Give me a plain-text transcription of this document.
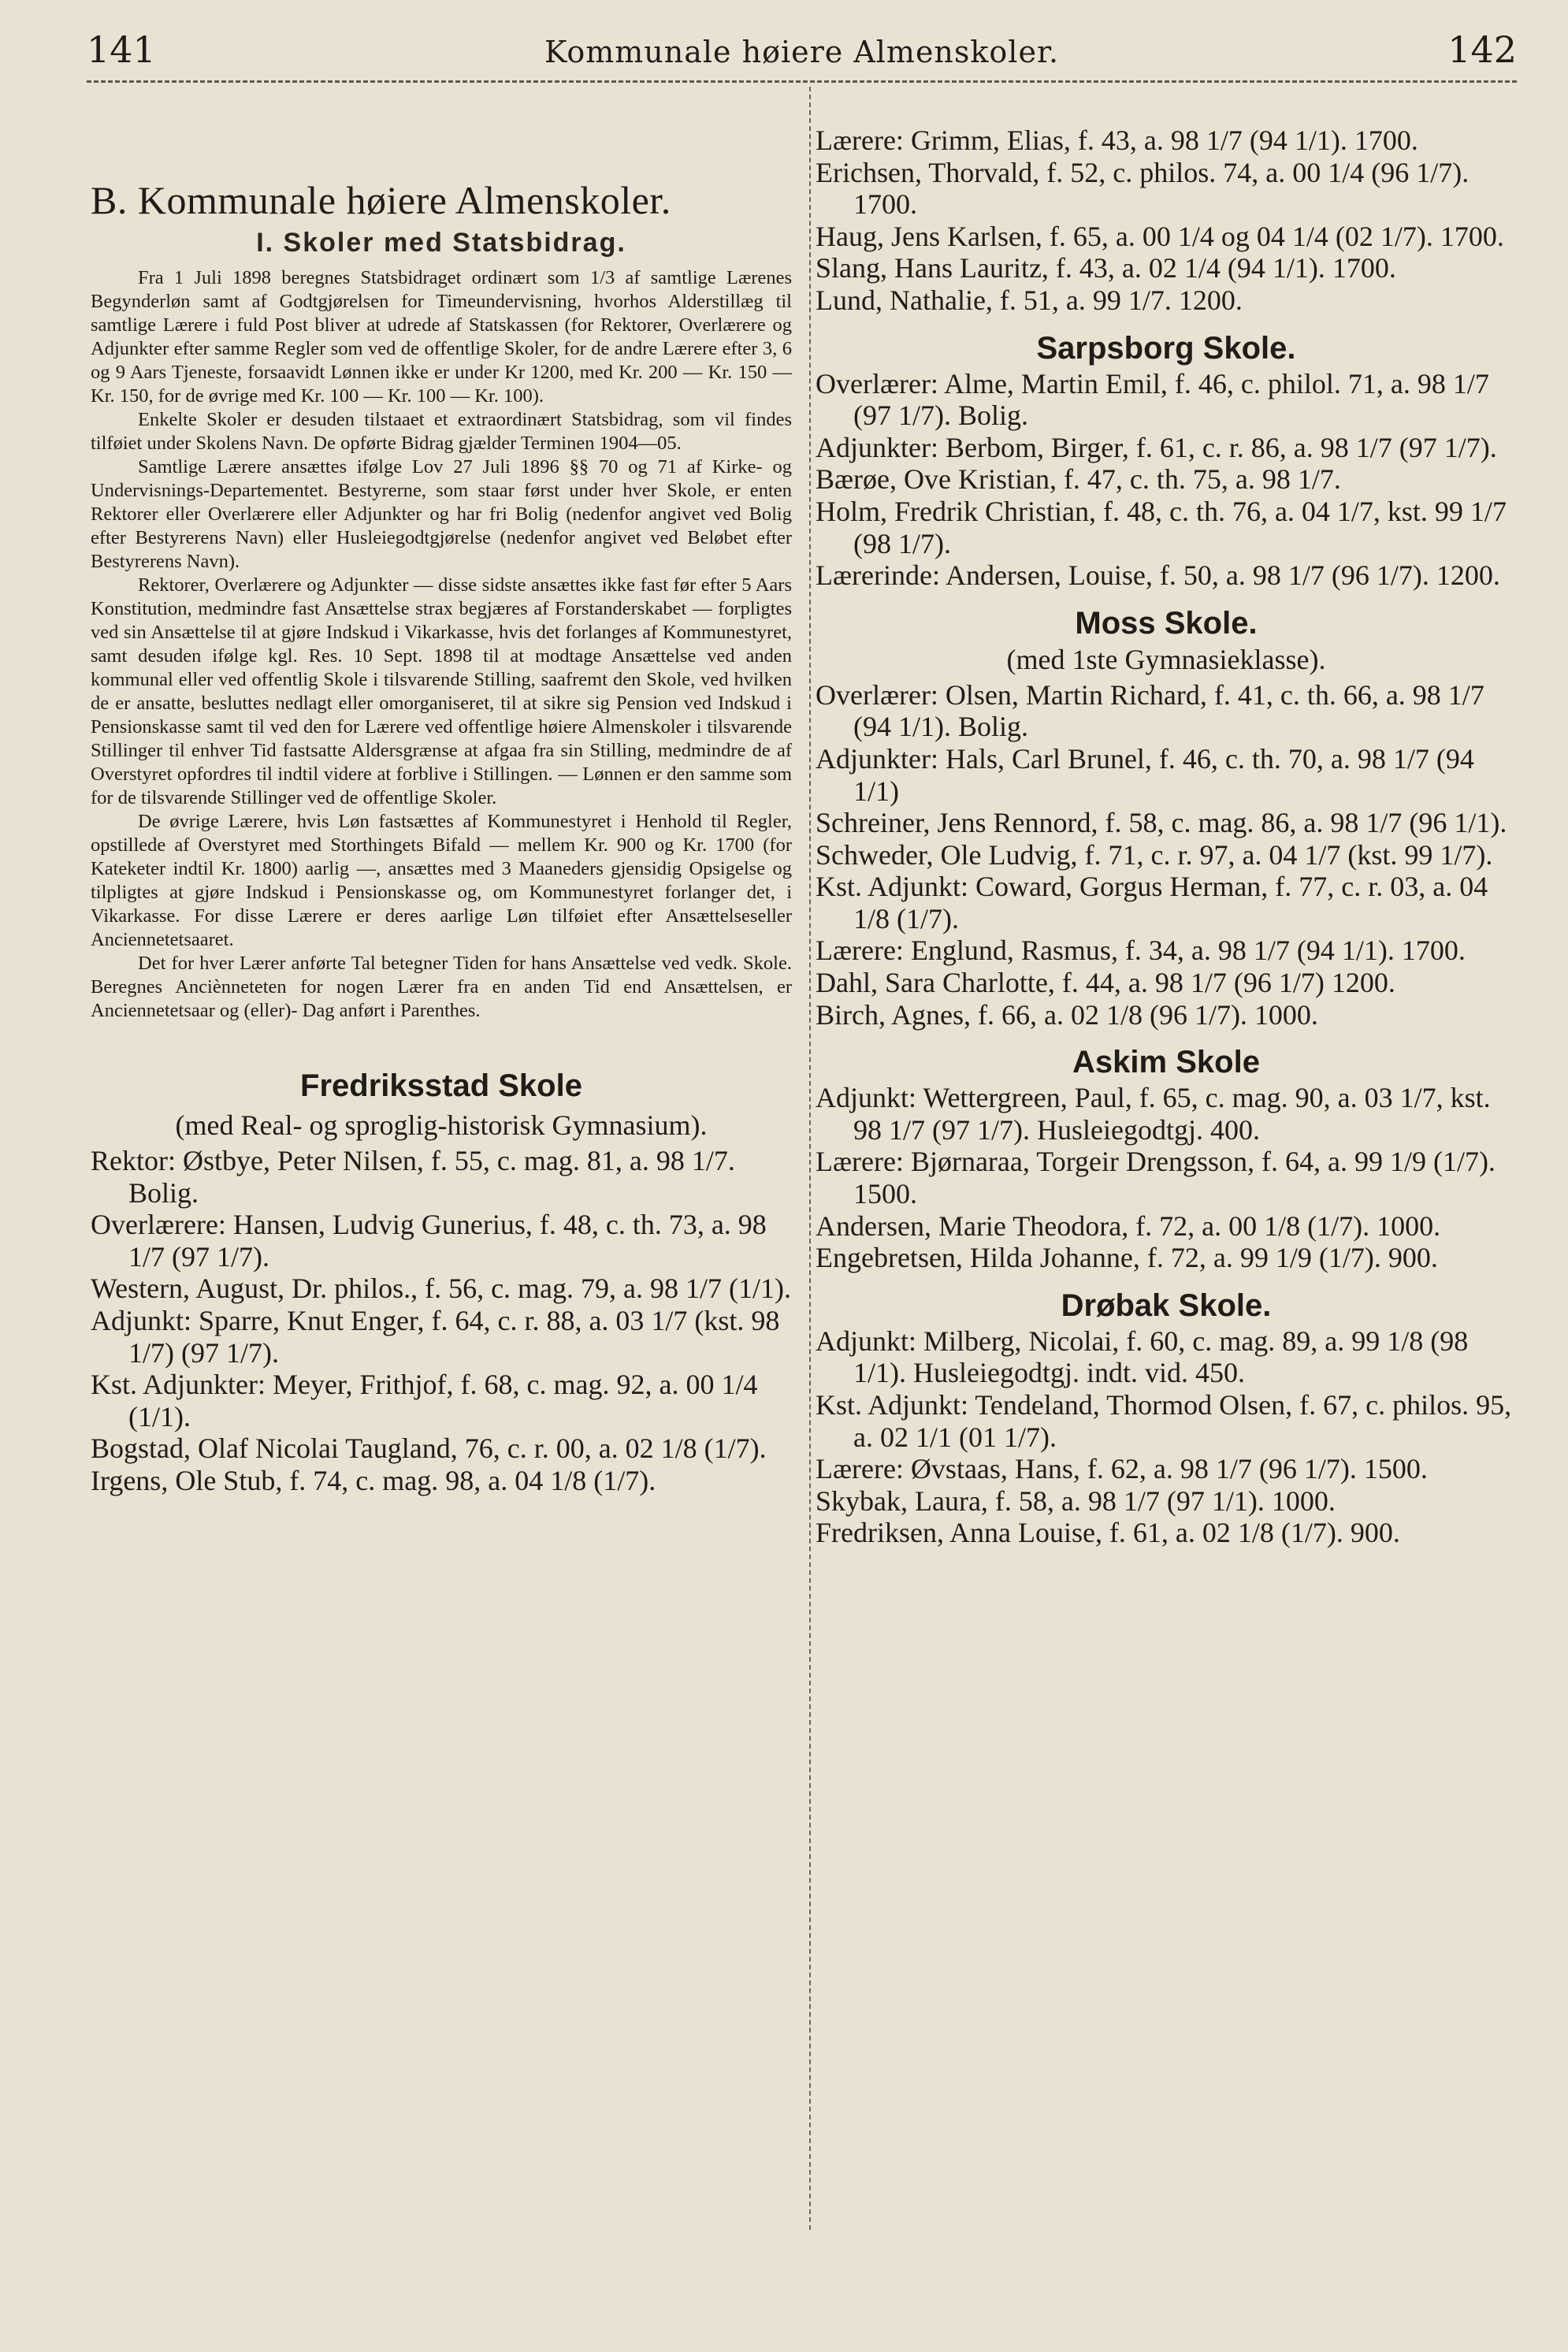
141	Kommunale høiere Almenskoler.	142
B. Kommunale høiere Almenskoler.
I. Skoler med Statsbidrag.

Fra 1 Juli 1898 beregnes Statsbidraget ordinært som 1/3 af samtlige Lærenes Begynderløn samt af Godtgjørelsen for Timeundervisning, hvorhos Alderstillæg til samtlige Lærere i fuld Post bliver at udrede af Statskassen (for Rektorer, Overlærere og Adjunkter efter samme Regler som ved de offentlige Skoler, for de andre Lærere efter 3, 6 og 9 Aars Tjeneste, forsaavidt Lønnen ikke er under Kr 1200, med Kr. 200 — Kr. 150 — Kr. 150, for de øvrige med Kr. 100 — Kr. 100 — Kr. 100).

Enkelte Skoler er desuden tilstaaet et extraordinært Statsbidrag, som vil findes tilføiet under Skolens Navn. De opførte Bidrag gjælder Terminen 1904—05.

Samtlige Lærere ansættes ifølge Lov 27 Juli 1896 §§ 70 og 71 af Kirke- og Undervisnings-Departementet. Bestyrerne, som staar først under hver Skole, er enten Rektorer eller Overlærere eller Adjunkter og har fri Bolig (nedenfor angivet ved Bolig efter Bestyrerens Navn) eller Husleiegodtgjørelse (nedenfor angivet ved Beløbet efter Bestyrerens Navn).

Rektorer, Overlærere og Adjunkter — disse sidste ansættes ikke fast før efter 5 Aars Konstitution, medmindre fast Ansættelse strax begjæres af Forstanderskabet — forpligtes ved sin Ansættelse til at gjøre Indskud i Vikarkasse, hvis det forlanges af Kommunestyret, samt desuden ifølge kgl. Res. 10 Sept. 1898 til at modtage Ansættelse ved anden kommunal eller ved offentlig Skole i tilsvarende Stilling, saafremt den Skole, ved hvilken de er ansatte, besluttes nedlagt eller omorganiseret, til at sikre sig Pension ved Indskud i Pensionskasse samt til ved den for Lærere ved offentlige høiere Almenskoler i tilsvarende Stillinger til enhver Tid fastsatte Aldersgrænse at afgaa fra sin Stilling, medmindre de af Overstyret opfordres til indtil videre at forblive i Stillingen. — Lønnen er den samme som for de tilsvarende Stillinger ved de offentlige Skoler.

De øvrige Lærere, hvis Løn fastsættes af Kommunestyret i Henhold til Regler, opstillede af Overstyret med Storthingets Bifald — mellem Kr. 900 og Kr. 1700 (for Kateketer indtil Kr. 1800) aarlig —, ansættes med 3 Maaneders gjensidig Opsigelse og tilpligtes at gjøre Indskud i Pensionskasse og, om Kommunestyret forlanger det, i Vikarkasse. For disse Lærere er deres aarlige Løn tilføiet efter Ansættelseseller Anciennetetsaaret.

Det for hver Lærer anførte Tal betegner Tiden for hans Ansættelse ved vedk. Skole. Beregnes Anciènneteten for nogen Lærer fra en anden Tid end Ansættelsen, er Anciennetetsaar og (eller)- Dag anført i Parenthes.

Fredriksstad Skole
(med Real- og sproglig-historisk Gymnasium).

Rektor: Østbye, Peter Nilsen, f. 55, c. mag. 81, a. 98 1/7. Bolig.

Overlærere: Hansen, Ludvig Gunerius, f. 48, c. th. 73, a. 98 1/7 (97 1/7).

Western, August, Dr. philos., f. 56, c. mag. 79, a. 98 1/7 (1/1).

Adjunkt: Sparre, Knut Enger, f. 64, c. r. 88, a. 03 1/7 (kst. 98 1/7) (97 1/7).

Kst. Adjunkter: Meyer, Frithjof, f. 68, c. mag. 92, a. 00 1/4 (1/1).

Bogstad, Olaf Nicolai Taugland, 76, c. r. 00, a. 02 1/8 (1/7).

Irgens, Ole Stub, f. 74, c. mag. 98, a. 04 1/8 (1/7).

Lærere: Grimm, Elias, f. 43, a. 98 1/7 (94 1/1). 1700.

Erichsen, Thorvald, f. 52, c. philos. 74, a. 00 1/4 (96 1/7). 1700.

Haug, Jens Karlsen, f. 65, a. 00 1/4 og 04 1/4 (02 1/7). 1700.

Slang, Hans Lauritz, f. 43, a. 02 1/4 (94 1/1). 1700.

Lund, Nathalie, f. 51, a. 99 1/7. 1200.

Sarpsborg Skole.

Overlærer: Alme, Martin Emil, f. 46, c. philol. 71, a. 98 1/7 (97 1/7). Bolig.

Adjunkter: Berbom, Birger, f. 61, c. r. 86, a. 98 1/7 (97 1/7).

Bærøe, Ove Kristian, f. 47, c. th. 75, a. 98 1/7.

Holm, Fredrik Christian, f. 48, c. th. 76, a. 04 1/7, kst. 99 1/7 (98 1/7).

Lærerinde: Andersen, Louise, f. 50, a. 98 1/7 (96 1/7). 1200.

Moss Skole.
(med 1ste Gymnasieklasse).

Overlærer: Olsen, Martin Richard, f. 41, c. th. 66, a. 98 1/7 (94 1/1). Bolig.

Adjunkter: Hals, Carl Brunel, f. 46, c. th. 70, a. 98 1/7 (94 1/1)

Schreiner, Jens Rennord, f. 58, c. mag. 86, a. 98 1/7 (96 1/1).

Schweder, Ole Ludvig, f. 71, c. r. 97, a. 04 1/7 (kst. 99 1/7).

Kst. Adjunkt: Coward, Gorgus Herman, f. 77, c. r. 03, a. 04 1/8 (1/7).

Lærere: Englund, Rasmus, f. 34, a. 98 1/7 (94 1/1). 1700.

Dahl, Sara Charlotte, f. 44, a. 98 1/7 (96 1/7) 1200.

Birch, Agnes, f. 66, a. 02 1/8 (96 1/7). 1000.

Askim Skole

Adjunkt: Wettergreen, Paul, f. 65, c. mag. 90, a. 03 1/7, kst. 98 1/7 (97 1/7). Husleiegodtgj. 400.

Lærere: Bjørnaraa, Torgeir Drengsson, f. 64, a. 99 1/9 (1/7). 1500.

Andersen, Marie Theodora, f. 72, a. 00 1/8 (1/7). 1000.

Engebretsen, Hilda Johanne, f. 72, a. 99 1/9 (1/7). 900.

Drøbak Skole.

Adjunkt: Milberg, Nicolai, f. 60, c. mag. 89, a. 99 1/8 (98 1/1). Husleiegodtgj. indt. vid. 450.

Kst. Adjunkt: Tendeland, Thormod Olsen, f. 67, c. philos. 95, a. 02 1/1 (01 1/7).

Lærere: Øvstaas, Hans, f. 62, a. 98 1/7 (96 1/7). 1500.

Skybak, Laura, f. 58, a. 98 1/7 (97 1/1). 1000.

Fredriksen, Anna Louise, f. 61, a. 02 1/8 (1/7). 900.
